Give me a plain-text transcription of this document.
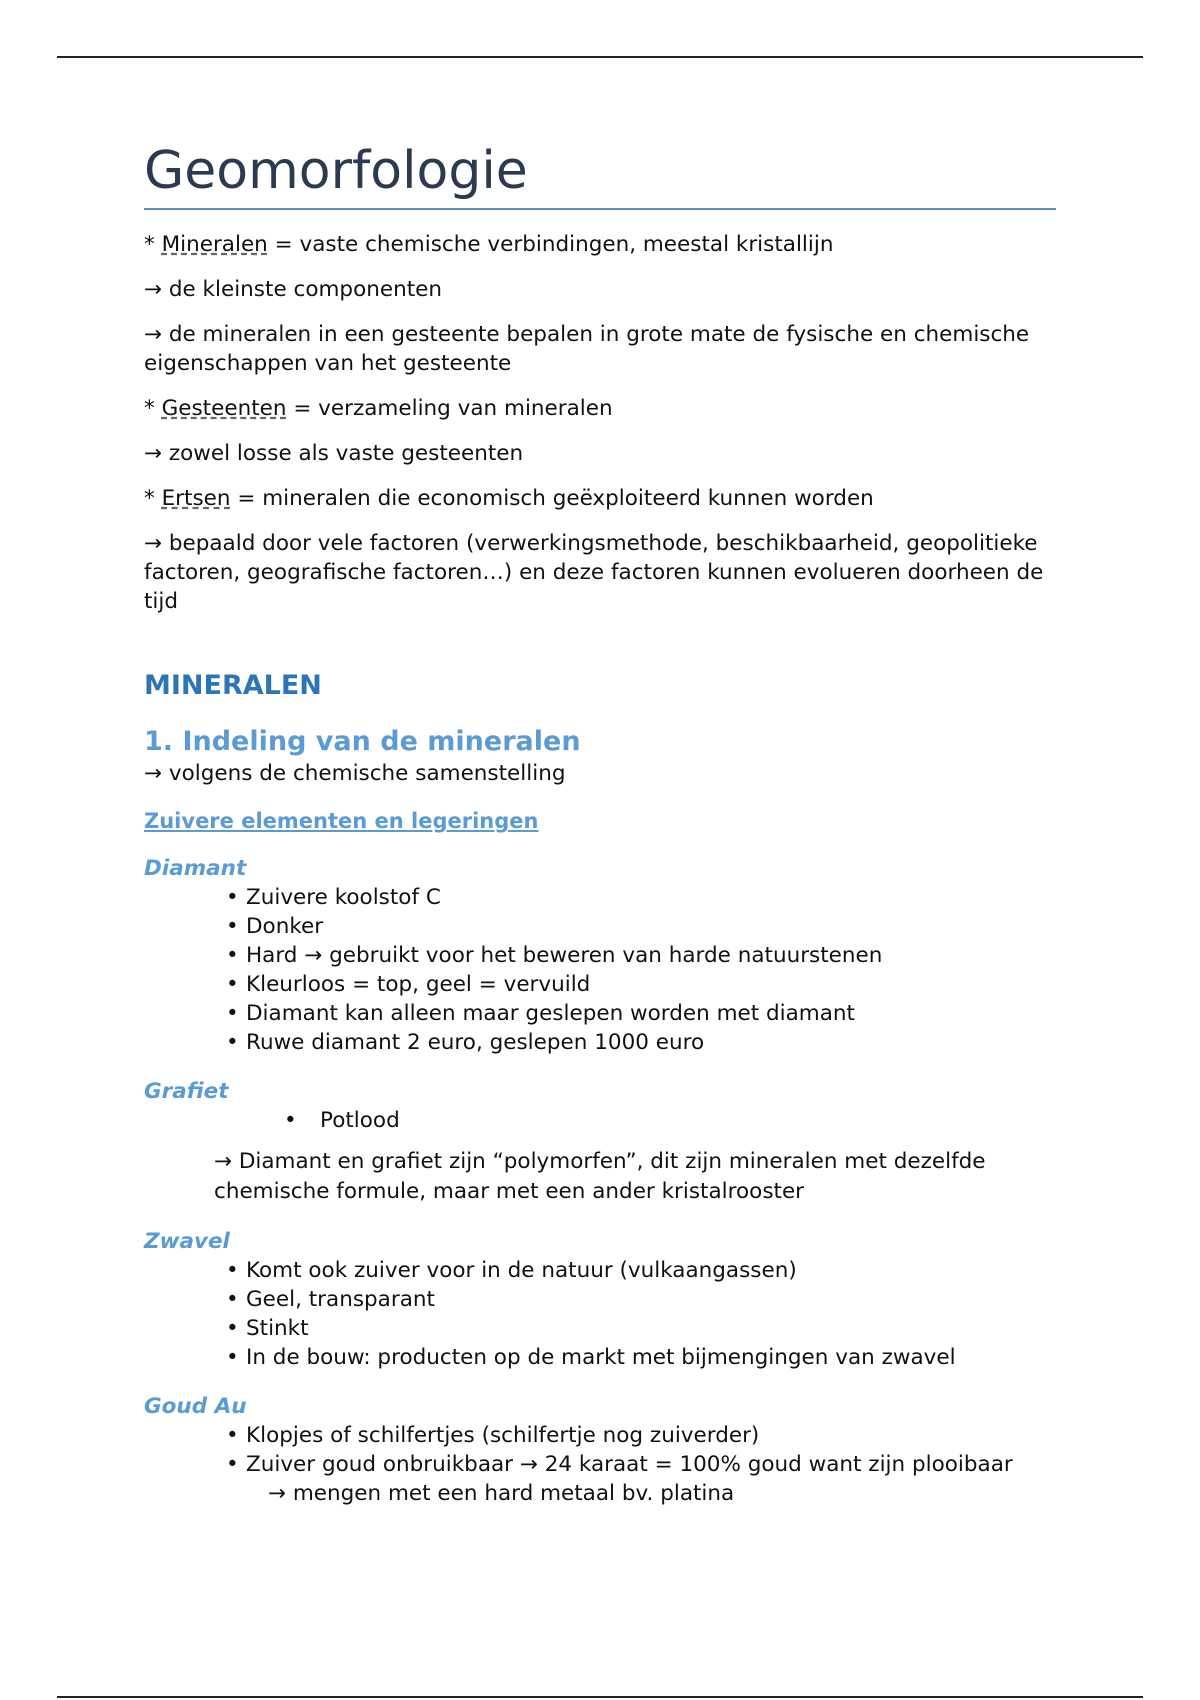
Geomorfologie

* Mineralen = vaste chemische verbindingen, meestal kristallijn

→ de kleinste componenten

→ de mineralen in een gesteente bepalen in grote mate de fysische en chemische eigenschappen van het gesteente

* Gesteenten = verzameling van mineralen

→ zowel losse als vaste gesteenten

* Ertsen = mineralen die economisch geëxploiteerd kunnen worden

→ bepaald door vele factoren (verwerkingsmethode, beschikbaarheid, geopolitieke factoren, geografische factoren…) en deze factoren kunnen evolueren doorheen de tijd

MINERALEN
1. Indeling van de mineralen

→ volgens de chemische samenstelling

Zuivere elementen en legeringen
Diamant
• Zuivere koolstof C
• Donker
• Hard → gebruikt voor het beweren van harde natuurstenen
• Kleurloos = top, geel = vervuild
• Diamant kan alleen maar geslepen worden met diamant
• Ruwe diamant 2 euro, geslepen 1000 euro
Grafiet
• Potlood

→ Diamant en grafiet zijn “polymorfen”, dit zijn mineralen met dezelfde chemische formule, maar met een ander kristalrooster

Zwavel
• Komt ook zuiver voor in de natuur (vulkaangassen)
• Geel, transparant
• Stinkt
• In de bouw: producten op de markt met bijmengingen van zwavel
Goud Au
• Klopjes of schilfertjes (schilfertje nog zuiverder)
• Zuiver goud onbruikbaar → 24 karaat = 100% goud want zijn plooibaar
→ mengen met een hard metaal bv. platina
